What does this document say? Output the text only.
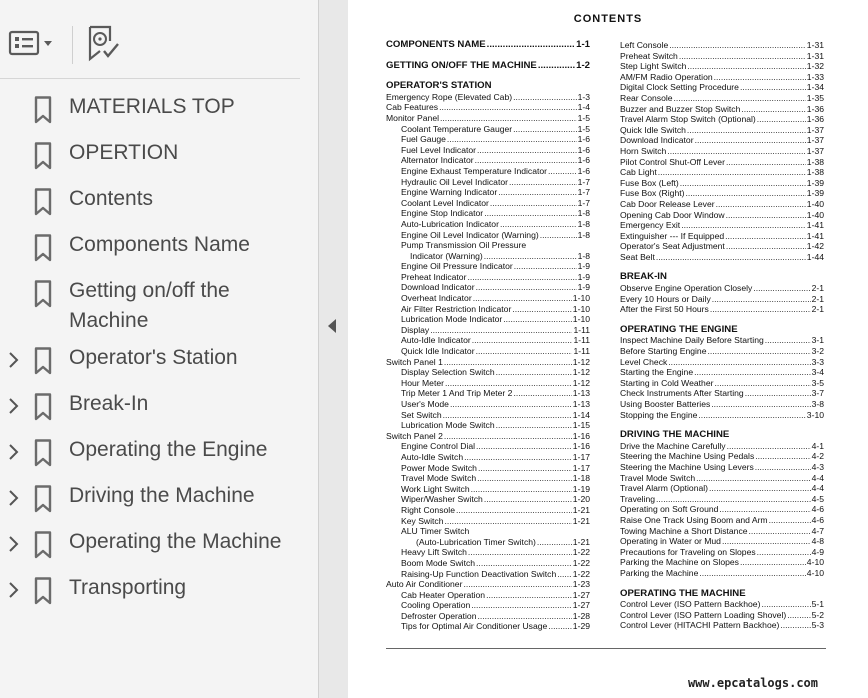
MATERIALS TOP
OPERTION
Contents
Components Name
Getting on/off the Machine
Operator's Station
Break-In
Operating the Engine
Driving the Machine
Operating the Machine
Transporting
CONTENTS
COMPONENTS NAME .....	1-1
GETTING ON/OFF THE MACHINE .....	1-2
OPERATOR'S STATION
Emergency Rope (Elevated Cab) .....	1-3
Cab Features .....	1-4
Monitor Panel .....	1-5
Coolant Temperature Gauger .....	1-5
Fuel Gauge .....	1-6
Fuel Level Indicator .....	1-6
Alternator Indicator .....	1-6
Engine Exhaust Temperature Indicator .....	1-6
Hydraulic Oil Level Indicator .....	1-7
Engine Warning Indicator .....	1-7
Coolant Level Indicator .....	1-7
Engine Stop Indicator .....	1-8
Auto-Lubrication Indicator .....	1-8
Engine Oil Level Indicator (Warning) .....	1-8
Pump Transmission Oil Pressure
Indicator (Warning) .....	1-8
Engine Oil Pressure Indicator .....	1-9
Preheat Indicator .....	1-9
Download Indicator .....	1-9
Overheat Indicator .....	1-10
Air Filter Restriction Indicator .....	1-10
Lubrication Mode Indicator .....	1-10
Display .....	1-11
Auto-Idle Indicator .....	1-11
Quick Idle Indicator .....	1-11
Switch Panel 1 .....	1-12
Display Selection Switch .....	1-12
Hour Meter .....	1-12
Trip Meter 1 And Trip Meter 2 .....	1-13
User's Mode .....	1-13
Set Switch .....	1-14
Lubrication Mode Switch .....	1-15
Switch Panel 2 .....	1-16
Engine Control Dial .....	1-16
Auto-Idle Switch .....	1-17
Power Mode Switch .....	1-17
Travel Mode Switch .....	1-18
Work Light Switch .....	1-19
Wiper/Washer Switch .....	1-20
Right Console .....	1-21
Key Switch .....	1-21
ALU Timer Switch
(Auto-Lubrication Timer Switch) .....	1-21
Heavy Lift Switch .....	1-22
Boom Mode Switch .....	1-22
Raising-Up Function Deactivation Switch ..... 1-22
Auto Air Conditioner .....	1-23
Cab Heater Operation .....	1-27
Cooling Operation .....	1-27
Defroster Operation .....	1-28
Tips for Optimal Air Conditioner Usage .....	1-29
Left Console .....	1-31
Preheat Switch .....	1-31
Step Light Switch .....	1-32
AM/FM Radio Operation .....	1-33
Digital Clock Setting Procedure .....	1-34
Rear Console .....	1-35
Buzzer and Buzzer Stop Switch .....	1-36
Travel Alarm Stop Switch (Optional) .....	1-36
Quick Idle Switch .....	1-37
Download Indicator .....	1-37
Horn Switch .....	1-37
Pilot Control Shut-Off Lever .....	1-38
Cab Light .....	1-38
Fuse Box (Left) .....	1-39
Fuse Box (Right) .....	1-39
Cab Door Release Lever .....	1-40
Opening Cab Door Window .....	1-40
Emergency Exit .....	1-41
Extinguisher --- If Equipped .....	1-41
Operator's Seat Adjustment .....	1-42
Seat Belt .....	1-44
BREAK-IN
Observe Engine Operation Closely .....	2-1
Every 10 Hours or Daily .....	2-1
After the First 50 Hours .....	2-1
OPERATING THE ENGINE
Inspect Machine Daily Before Starting .....	3-1
Before Starting Engine .....	3-2
Level Check .....	3-3
Starting the Engine .....	3-4
Starting in Cold Weather .....	3-5
Check Instruments After Starting .....	3-7
Using Booster Batteries .....	3-8
Stopping the Engine .....	3-10
DRIVING THE MACHINE
Drive the Machine Carefully .....	4-1
Steering the Machine Using Pedals .....	4-2
Steering the Machine Using Levers .....	4-3
Travel Mode Switch .....	4-4
Travel Alarm (Optional) .....	4-4
Traveling .....	4-5
Operating on Soft Ground .....	4-6
Raise One Track Using Boom and Arm .....	4-6
Towing Machine a Short Distance .....	4-7
Operating in Water or Mud .....	4-8
Precautions for Traveling on Slopes .....	4-9
Parking the Machine on Slopes .....	4-10
Parking the Machine .....	4-10
OPERATING THE MACHINE
Control Lever (ISO Pattern Backhoe) .....	5-1
Control Lever (ISO Pattern Loading Shovel) .....	5-2
Control Lever (HITACHI Pattern Backhoe) .....	5-3
www.epcatalogs.com
